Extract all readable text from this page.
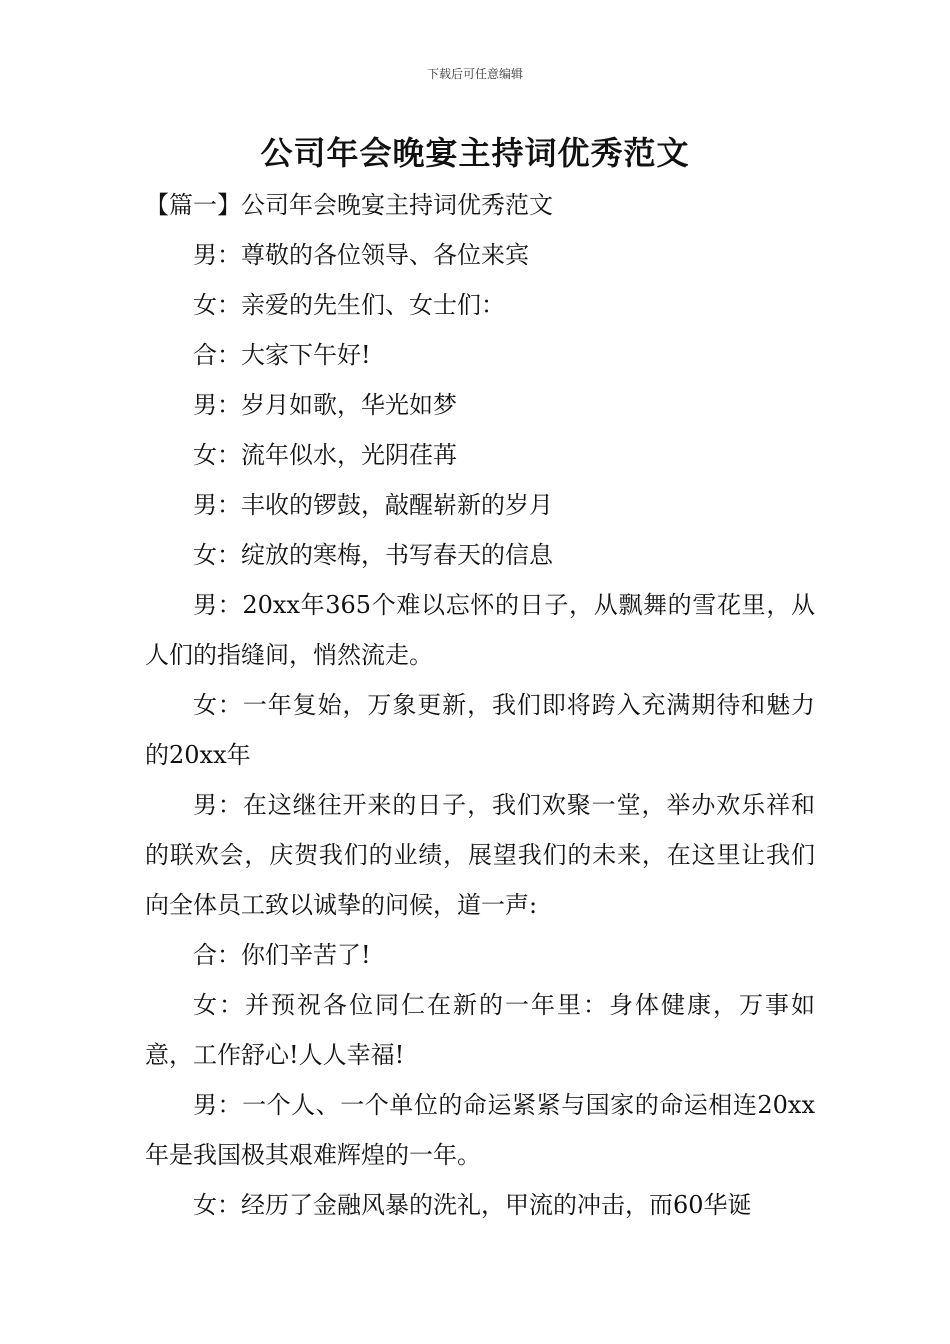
下载后可任意编辑
公司年会晚宴主持词优秀范文

【篇一】公司年会晚宴主持词优秀范文

男：尊敬的各位领导、各位来宾

女：亲爱的先生们、女士们：

合：大家下午好!

男：岁月如歌，华光如梦

女：流年似水，光阴荏苒

男：丰收的锣鼓，敲醒崭新的岁月

女：绽放的寒梅，书写春天的信息

男：20xx年365个难以忘怀的日子，从飘舞的雪花里，从人们的指缝间，悄然流走。

女：一年复始，万象更新，我们即将跨入充满期待和魅力的20xx年

男：在这继往开来的日子，我们欢聚一堂，举办欢乐祥和的联欢会，庆贺我们的业绩，展望我们的未来，在这里让我们向全体员工致以诚挚的问候，道一声:

合：你们辛苦了!

女：并预祝各位同仁在新的一年里：身体健康，万事如意，工作舒心!人人幸福!

男：一个人、一个单位的命运紧紧与国家的命运相连20xx年是我国极其艰难辉煌的一年。

女：经历了金融风暴的洗礼，甲流的冲击，而60华诞
